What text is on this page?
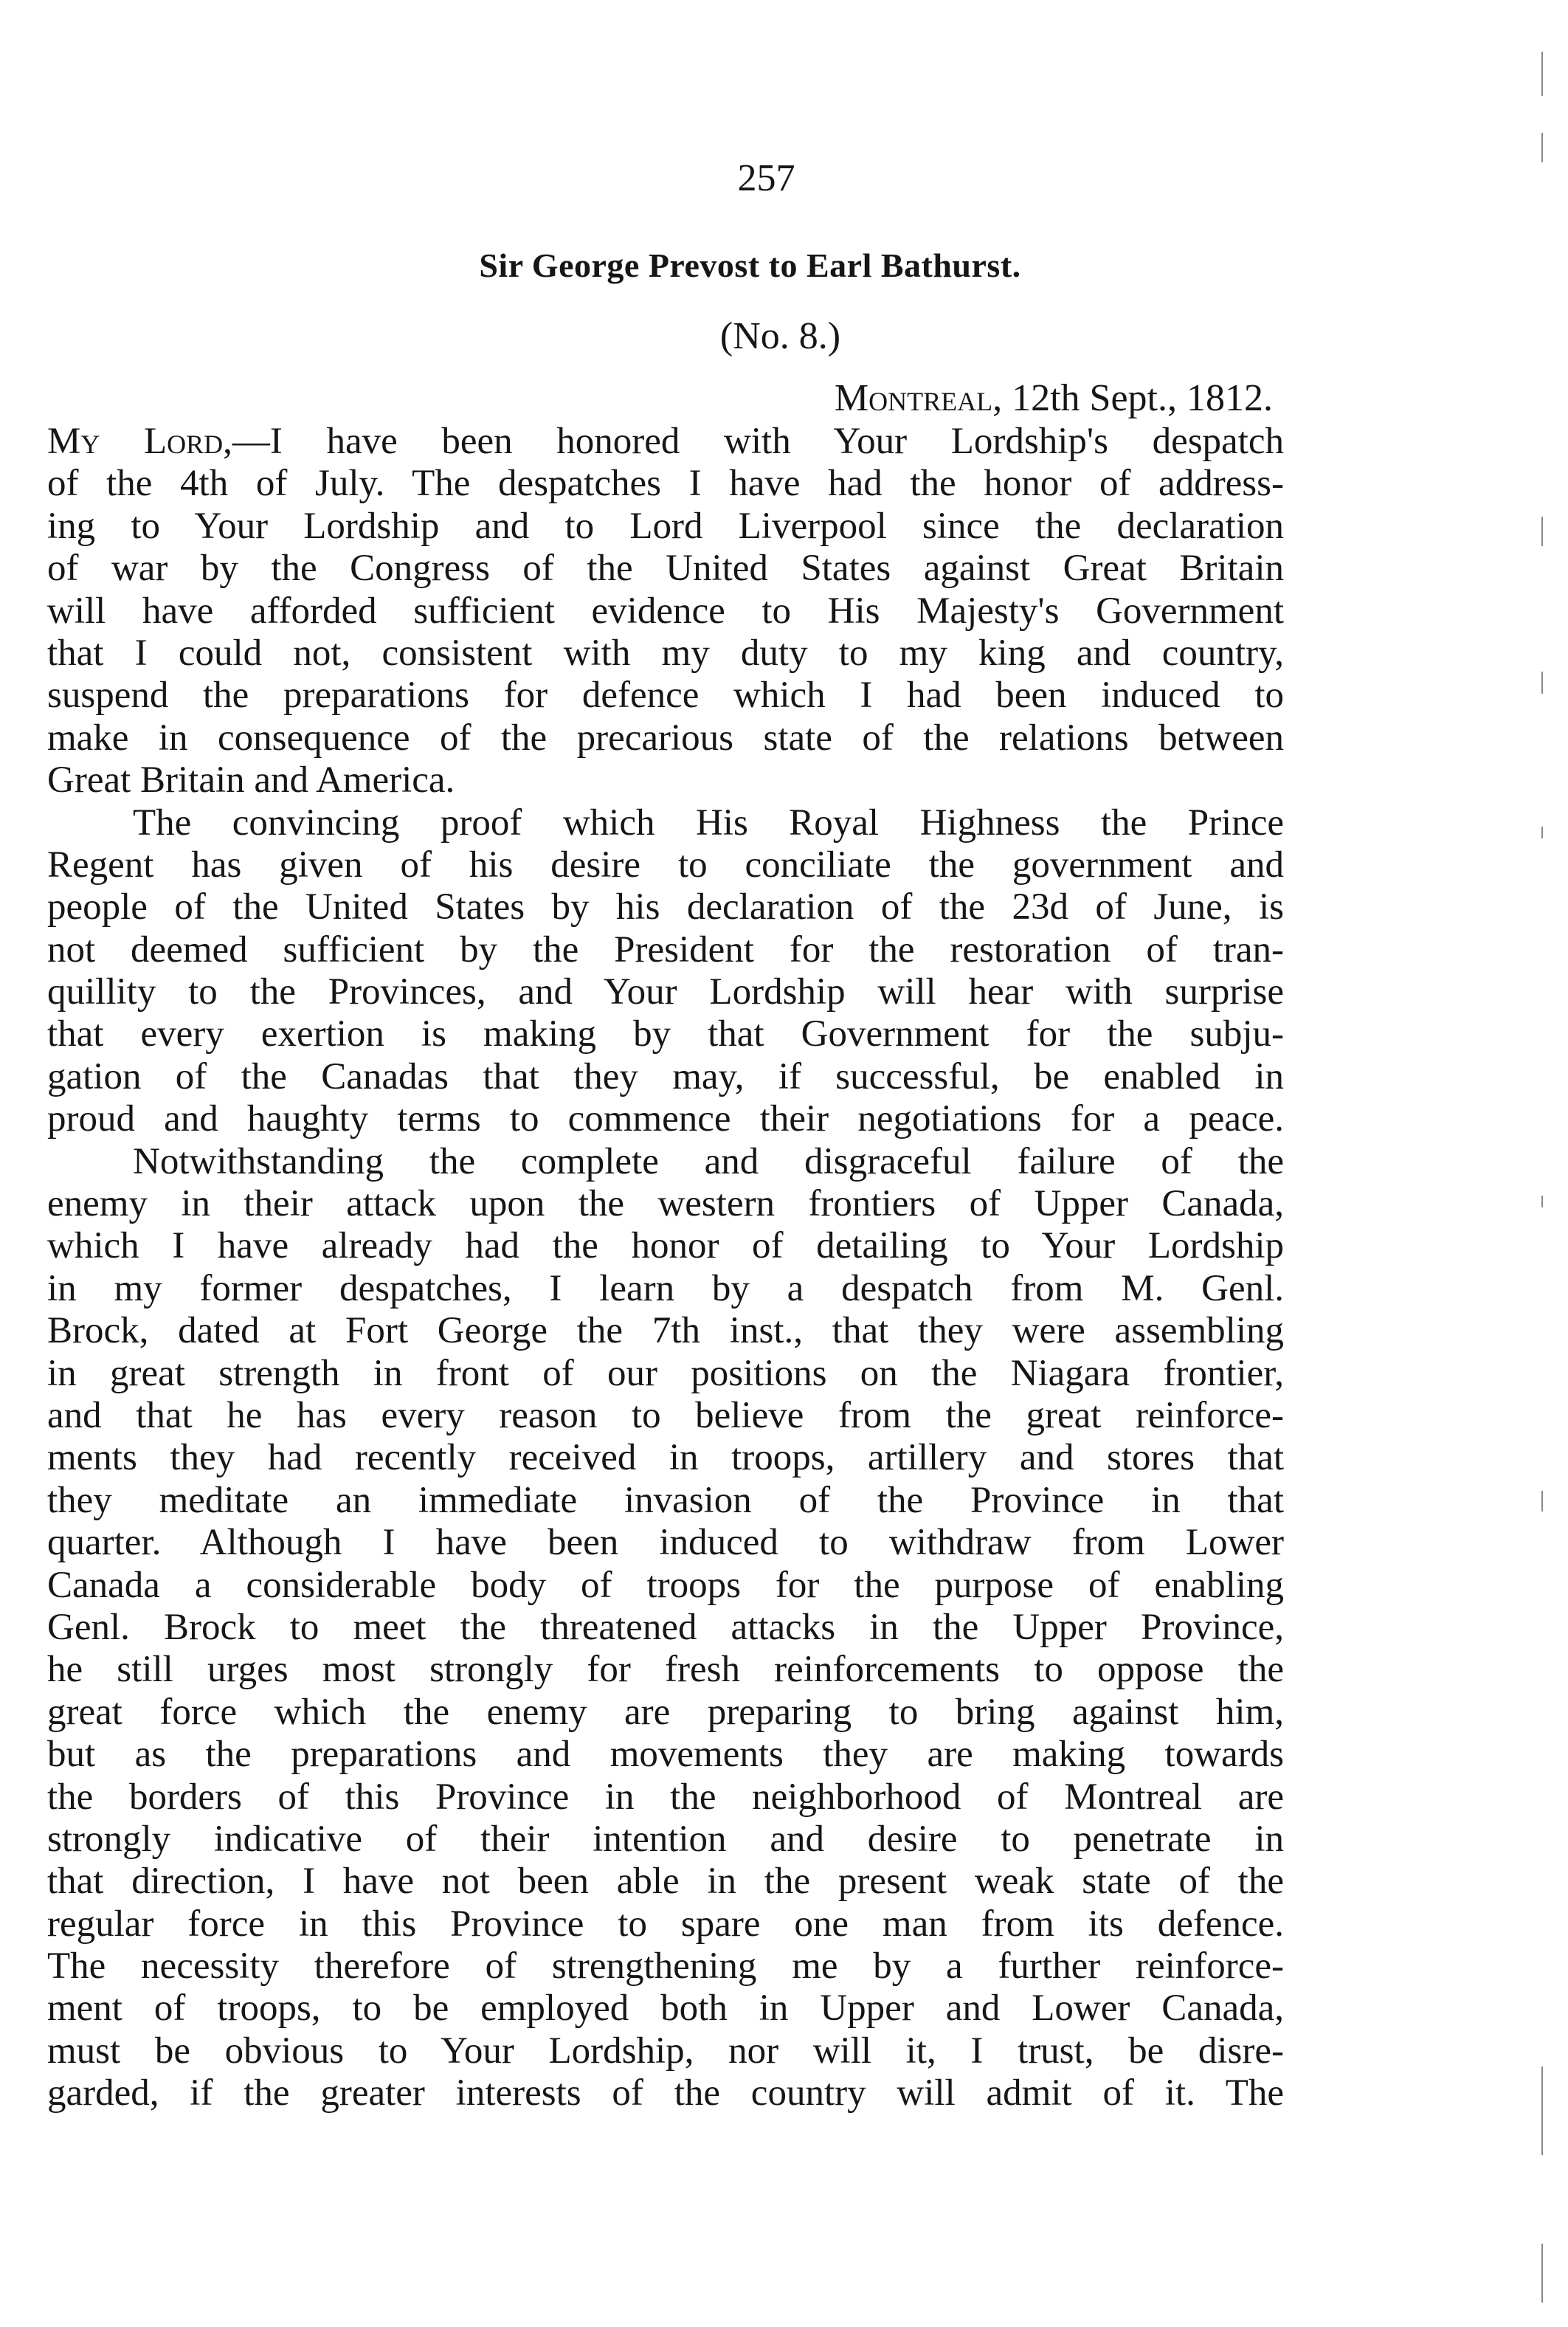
257
Sir George Prevost to Earl Bathurst.
(No. 8.)
Montreal, 12th Sept., 1812.
My Lord,—I have been honored with Your Lordship's despatch
of the 4th of July. The despatches I have had the honor of address-
ing to Your Lordship and to Lord Liverpool since the declaration
of war by the Congress of the United States against Great Britain
will have afforded sufficient evidence to His Majesty's Government
that I could not, consistent with my duty to my king and country,
suspend the preparations for defence which I had been induced to
make in consequence of the precarious state of the relations between
Great Britain and America.
The convincing proof which His Royal Highness the Prince
Regent has given of his desire to conciliate the government and
people of the United States by his declaration of the 23d of June, is
not deemed sufficient by the President for the restoration of tran-
quillity to the Provinces, and Your Lordship will hear with surprise
that every exertion is making by that Government for the subju-
gation of the Canadas that they may, if successful, be enabled in
proud and haughty terms to commence their negotiations for a peace.
Notwithstanding the complete and disgraceful failure of the
enemy in their attack upon the western frontiers of Upper Canada,
which I have already had the honor of detailing to Your Lordship
in my former despatches, I learn by a despatch from M. Genl.
Brock, dated at Fort George the 7th inst., that they were assembling
in great strength in front of our positions on the Niagara frontier,
and that he has every reason to believe from the great reinforce-
ments they had recently received in troops, artillery and stores that
they meditate an immediate invasion of the Province in that
quarter. Although I have been induced to withdraw from Lower
Canada a considerable body of troops for the purpose of enabling
Genl. Brock to meet the threatened attacks in the Upper Province,
he still urges most strongly for fresh reinforcements to oppose the
great force which the enemy are preparing to bring against him,
but as the preparations and movements they are making towards
the borders of this Province in the neighborhood of Montreal are
strongly indicative of their intention and desire to penetrate in
that direction, I have not been able in the present weak state of the
regular force in this Province to spare one man from its defence.
The necessity therefore of strengthening me by a further reinforce-
ment of troops, to be employed both in Upper and Lower Canada,
must be obvious to Your Lordship, nor will it, I trust, be disre-
garded, if the greater interests of the country will admit of it. The
